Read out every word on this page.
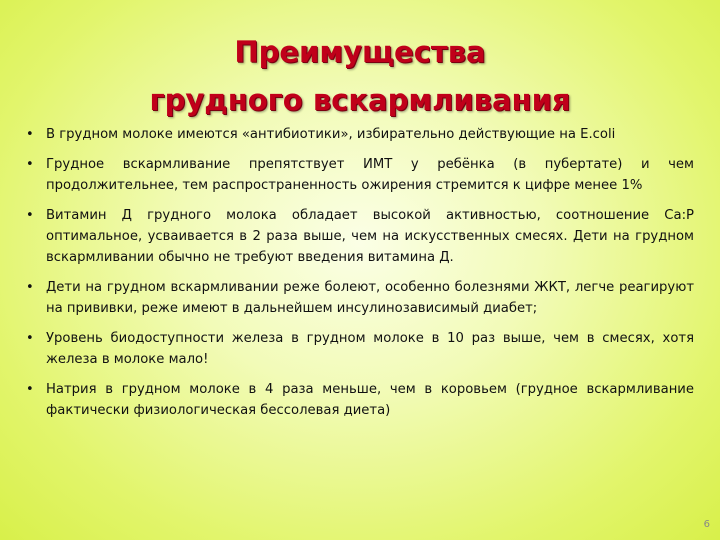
Преимущества
грудного вскармливания
• В грудном молоке имеются «антибиотики», избирательно действующие на E.coli
• Грудное вскармливание препятствует ИМТ у ребёнка (в пубертате) и чем продолжительнее, тем распространенность ожирения стремится к цифре менее 1%
• Витамин Д грудного молока обладает высокой активностью, соотношение Са:Р оптимальное, усваивается в 2 раза выше, чем на искусственных смесях. Дети на грудном вскармливании обычно не требуют введения витамина Д.
• Дети на грудном вскармливании реже болеют, особенно болезнями ЖКТ, легче реагируют на прививки, реже имеют в дальнейшем инсулинозависимый диабет;
• Уровень биодоступности железа в грудном молоке в 10 раз выше, чем в смесях, хотя железа в молоке мало!
• Натрия в грудном молоке в 4 раза меньше, чем в коровьем (грудное вскармливание фактически физиологическая бессолевая диета)
6
